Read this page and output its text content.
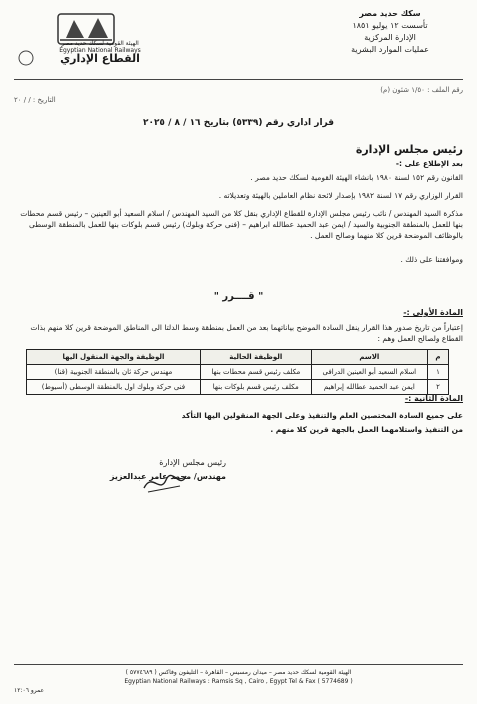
سكك حديد مصر
تأسست ١٢ يوليو ١٨٥١
الإدارة المركزية
عمليات الموارد البشرية
الهيئة القومية لسكك حديد مصر
Egyptian National Railways
القطاع الإداري
رقم الملف : ١/٥٠ شئون (م)
التاريخ : / / ٢٠
قرار اداري رقم (٥٣٣٩) بتاريخ ١٦ / ٨ / ٢٠٢٥
رئيس مجلس الإدارة
بعد الإطلاع على :-
القانون رقم ١٥٢ لسنة ١٩٨٠ بانشاء الهيئة القومية لسكك حديد مصر .
القرار الوزاري رقم ١٧ لسنة ١٩٨٢ بإصدار لائحة نظام العاملين بالهيئة وتعديلاته .
مذكرة السيد المهندس / نائب رئيس مجلس الإدارة للقطاع الإداري بنقل كلا من السيد المهندس / اسلام السعيد أبو العينين – رئيس قسم محطات بنها للعمل بالمنطقة الجنوبية والسيد / ايمن عبد الحميد عطالله ابراهيم – (فنى حركة وبلوك) رئيس قسم بلوكات بنها للعمل بالمنطقة الوسطى بالوظائف الموضحة قرين كلا منهما وصالح العمل .
وموافقتنا على ذلك .
" قــــرر "
المادة الأولى :-
إعتباراً من تاريخ صدور هذا القرار ينقل السادة الموضح بياناتهما بعد من العمل بمنطقة وسط الدلتا الى المناطق الموضحة قرين كلا منهم بذات القطاع ولصالح العمل وهم :
م	الاسم	الوظيفة الحالية	الوظيفة والجهة المنقول اليها
١	اسلام السعيد أبو العينين الدرافى	مكلف رئيس قسم محطات بنها	مهندس حركة ثان بالمنطقة الجنوبية (قنا)
٢	ايمن عبد الحميد عطالله إبراهيم	مكلف رئيس قسم بلوكات بنها	فنى حركة وبلوك اول بالمنطقة الوسطى (أسيوط)
المادة الثانية :-
على جميع السادة المختصين العلم والتنفيذ وعلى الجهة المنقولين اليها التأكد
من التنفيذ واستلامهما العمل بالجهة قرين كلا منهم .
رئيس مجلس الإدارة
مهندس/ محمد عامر عبدالعزيز
الهيئة القومية لسكك حديد مصر – ميدان رمسيس – القاهرة – التليفون وفاكس ( ٥٧٧٤٦٨٩ )
Egyptian National Railways : Ramsis Sq , Cairo , Egypt Tel & Fax ( 5774689 )
عمرو ١٢:٠٦
